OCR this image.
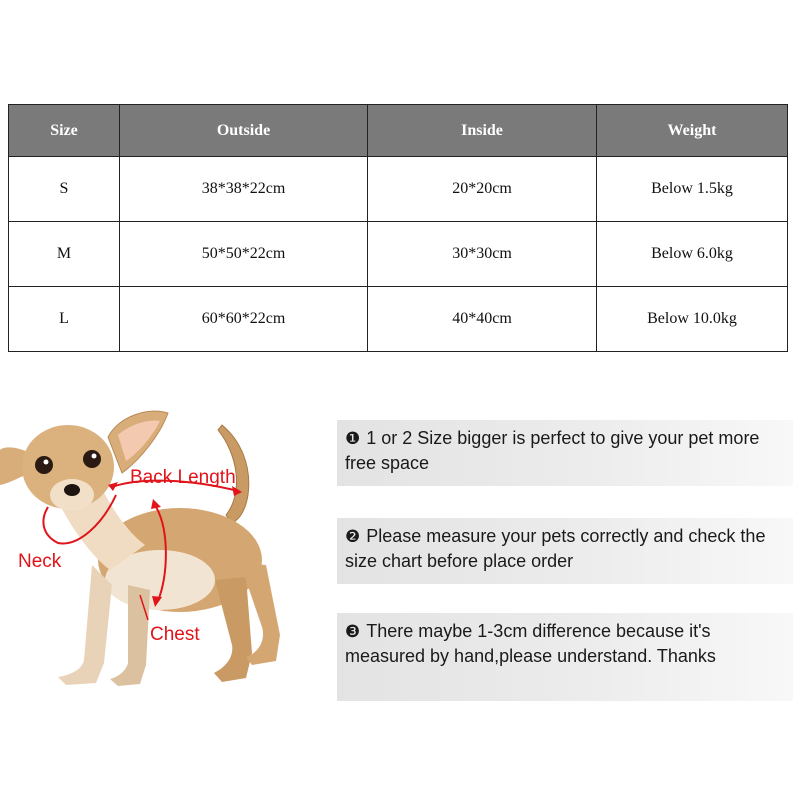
Size	Outside	Inside	Weight
S	38*38*22cm	20*20cm	Below 1.5kg
M	50*50*22cm	30*30cm	Below 6.0kg
L	60*60*22cm	40*40cm	Below 10.0kg
Back Length
Neck
Chest
❶ 1 or 2 Size bigger is perfect to give your pet more free space
❷ Please measure your pets correctly and check the size chart before place order
❸ There maybe 1-3cm difference because it's measured by hand,please understand. Thanks
